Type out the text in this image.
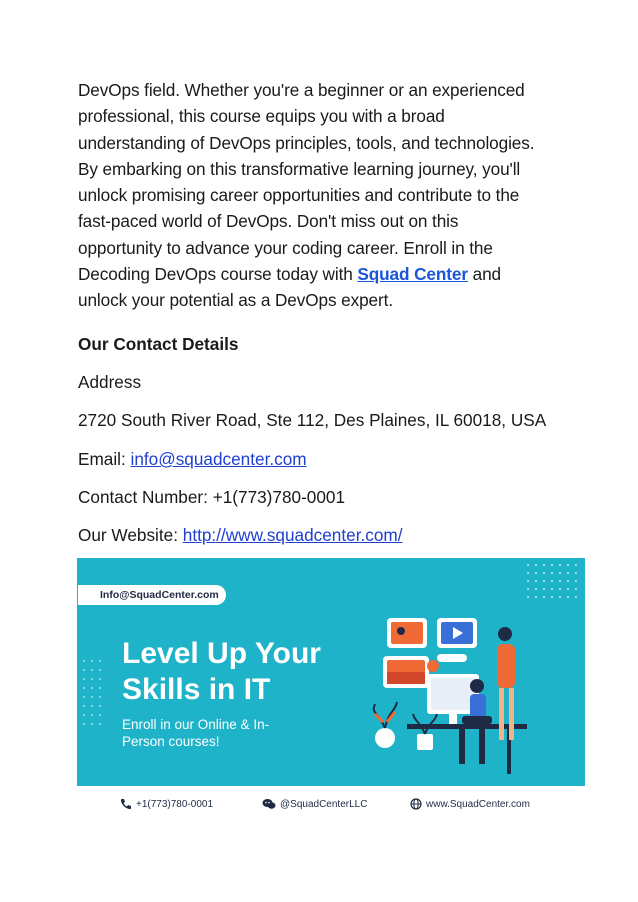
DevOps field. Whether you're a beginner or an experienced
professional, this course equips you with a broad
understanding of DevOps principles, tools, and technologies.
By embarking on this transformative learning journey, you'll
unlock promising career opportunities and contribute to the
fast-paced world of DevOps. Don't miss out on this
opportunity to advance your coding career. Enroll in the
Decoding DevOps course today with Squad Center and
unlock your potential as a DevOps expert.
Our Contact Details
Address
2720 South River Road, Ste 112, Des Plaines, IL 60018, USA
Email: info@squadcenter.com
Contact Number: +1(773)780-0001
Our Website: http://www.squadcenter.com/
Info@SquadCenter.com
Level Up Your
Skills in IT
Enroll in our Online & In-
Person courses!
+1(773)780-0001	@SquadCenterLLC	www.SquadCenter.com
